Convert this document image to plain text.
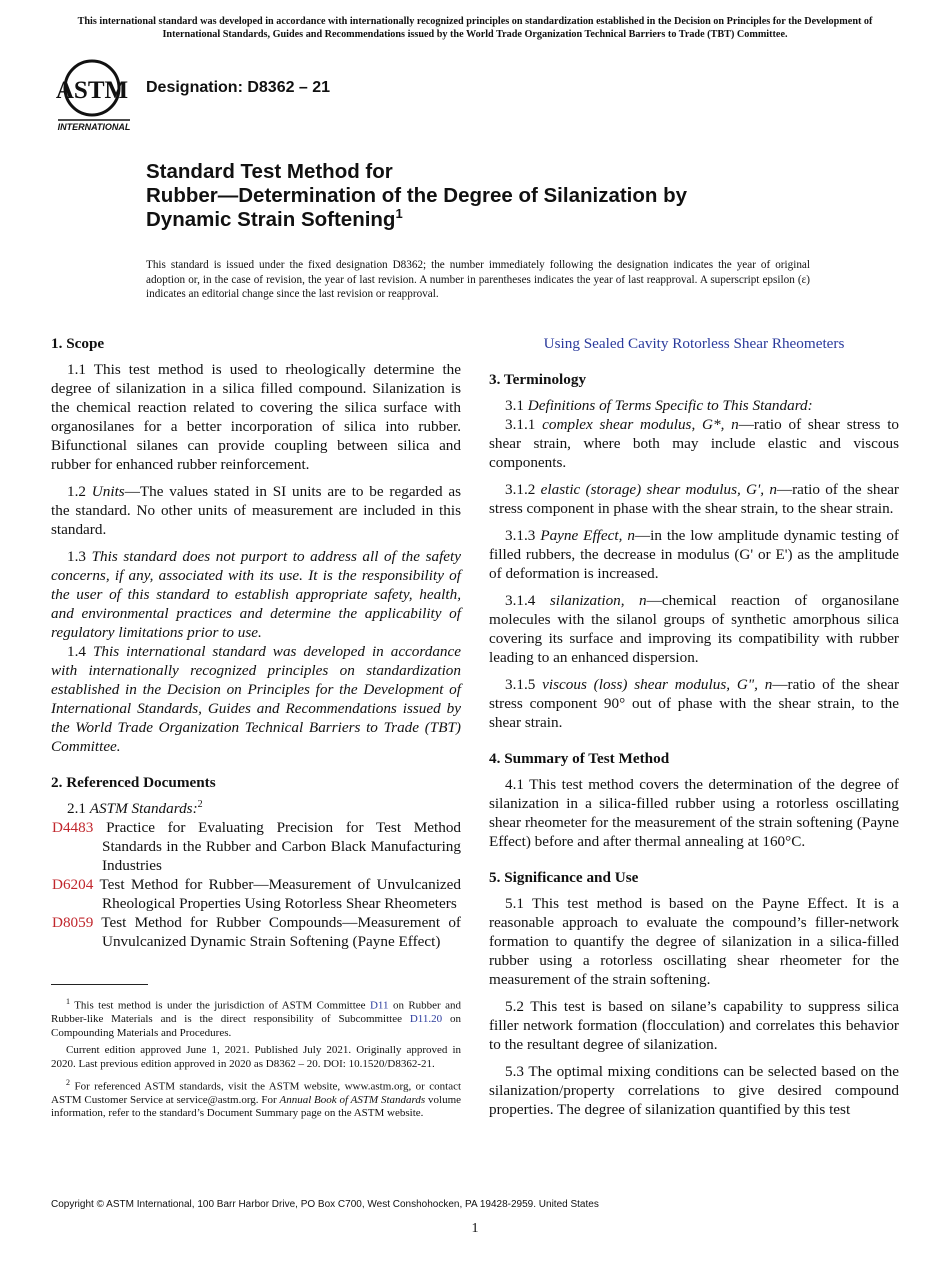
This international standard was developed in accordance with internationally recognized principles on standardization established in the Decision on Principles for the Development of International Standards, Guides and Recommendations issued by the World Trade Organization Technical Barriers to Trade (TBT) Committee.
ASTM
INTERNATIONAL
Designation: D8362 – 21
Standard Test Method for
Rubber—Determination of the Degree of Silanization by
Dynamic Strain Softening$^1$

This standard is issued under the fixed designation D8362; the number immediately following the designation indicates the year of original adoption or, in the case of revision, the year of last revision. A number in parentheses indicates the year of last reapproval. A superscript epsilon (ε) indicates an editorial change since the last revision or reapproval.

1. Scope

1.1 This test method is used to rheologically determine the degree of silanization in a silica filled compound. Silanization is the chemical reaction related to covering the silica surface with organosilanes for a better incorporation of silica into rubber. Bifunctional silanes can provide coupling between silica and rubber for enhanced rubber reinforcement.

1.2 Units—The values stated in SI units are to be regarded as the standard. No other units of measurement are included in this standard.

1.3 This standard does not purport to address all of the safety concerns, if any, associated with its use. It is the responsibility of the user of this standard to establish appropriate safety, health, and environmental practices and determine the applicability of regulatory limitations prior to use.

1.4 This international standard was developed in accordance with internationally recognized principles on standardization established in the Decision on Principles for the Development of International Standards, Guides and Recommendations issued by the World Trade Organization Technical Barriers to Trade (TBT) Committee.

2. Referenced Documents

2.1 ASTM Standards:$^2$

D4483 Practice for Evaluating Precision for Test Method Standards in the Rubber and Carbon Black Manufacturing Industries

D6204 Test Method for Rubber—Measurement of Unvulcanized Rheological Properties Using Rotorless Shear Rheometers

D8059 Test Method for Rubber Compounds—Measurement of Unvulcanized Dynamic Strain Softening (Payne Effect)

$^1$ This test method is under the jurisdiction of ASTM Committee D11 on Rubber and Rubber-like Materials and is the direct responsibility of Subcommittee D11.20 on Compounding Materials and Procedures.

Current edition approved June 1, 2021. Published July 2021. Originally approved in 2020. Last previous edition approved in 2020 as D8362 – 20. DOI: 10.1520/D8362-21.

$^2$ For referenced ASTM standards, visit the ASTM website, www.astm.org, or contact ASTM Customer Service at service@astm.org. For Annual Book of ASTM Standards volume information, refer to the standard’s Document Summary page on the ASTM website.

Using Sealed Cavity Rotorless Shear Rheometers

3. Terminology

3.1 Definitions of Terms Specific to This Standard:

3.1.1 complex shear modulus, G*, n—ratio of shear stress to shear strain, where both may include elastic and viscous components.

3.1.2 elastic (storage) shear modulus, G', n—ratio of the shear stress component in phase with the shear strain, to the shear strain.

3.1.3 Payne Effect, n—in the low amplitude dynamic testing of filled rubbers, the decrease in modulus (G' or E') as the amplitude of deformation is increased.

3.1.4 silanization, n—chemical reaction of organosilane molecules with the silanol groups of synthetic amorphous silica covering its surface and improving its compatibility with rubber leading to an enhanced dispersion.

3.1.5 viscous (loss) shear modulus, G", n—ratio of the shear stress component 90° out of phase with the shear strain, to the shear strain.

4. Summary of Test Method

4.1 This test method covers the determination of the degree of silanization in a silica-filled rubber using a rotorless oscillating shear rheometer for the measurement of the strain softening (Payne Effect) before and after thermal annealing at 160°C.

5. Significance and Use

5.1 This test method is based on the Payne Effect. It is a reasonable approach to evaluate the compound’s filler-network formation to quantify the degree of silanization in a silica-filled rubber using a rotorless oscillating shear rheometer for the measurement of the strain softening.

5.2 This test is based on silane’s capability to suppress silica filler network formation (flocculation) and correlates this behavior to the resultant degree of silanization.

5.3 The optimal mixing conditions can be selected based on the silanization/property correlations to give desired compound properties. The degree of silanization quantified by this test

Copyright © ASTM International, 100 Barr Harbor Drive, PO Box C700, West Conshohocken, PA 19428-2959. United States
1
